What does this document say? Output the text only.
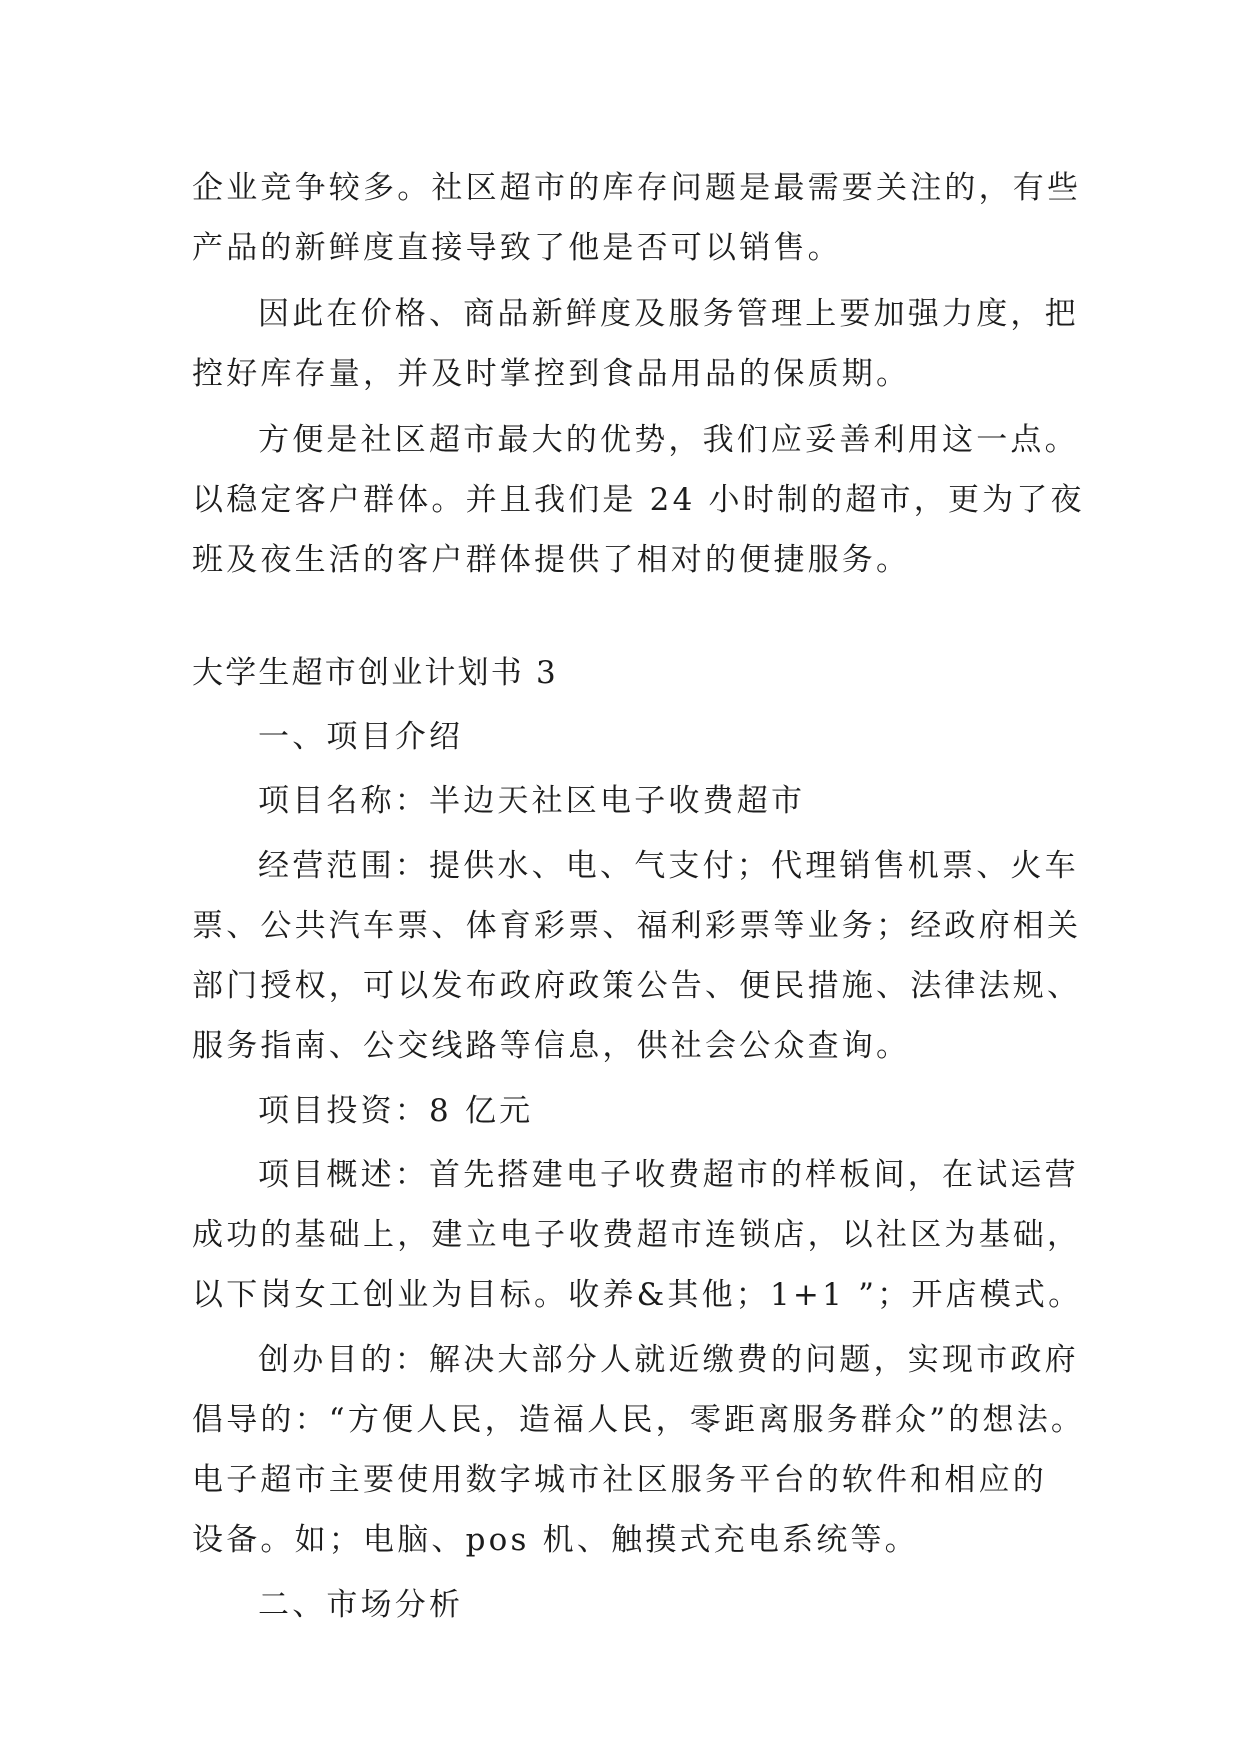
企业竞争较多。社区超市的库存问题是最需要关注的，有些
产品的新鲜度直接导致了他是否可以销售。
因此在价格、商品新鲜度及服务管理上要加强力度，把
控好库存量，并及时掌控到食品用品的保质期。
方便是社区超市最大的优势，我们应妥善利用这一点。
以稳定客户群体。并且我们是 24 小时制的超市，更为了夜
班及夜生活的客户群体提供了相对的便捷服务。
大学生超市创业计划书 3
一、项目介绍
项目名称：半边天社区电子收费超市
经营范围：提供水、电、气支付；代理销售机票、火车
票、公共汽车票、体育彩票、福利彩票等业务；经政府相关
部门授权，可以发布政府政策公告、便民措施、法律法规、
服务指南、公交线路等信息，供社会公众查询。
项目投资：8 亿元
项目概述：首先搭建电子收费超市的样板间，在试运营
成功的基础上，建立电子收费超市连锁店，以社区为基础，
以下岗女工创业为目标。收养&其他；1+1 ”；开店模式。
创办目的：解决大部分人就近缴费的问题，实现市政府
倡导的：“方便人民，造福人民，零距离服务群众”的想法。
电子超市主要使用数字城市社区服务平台的软件和相应的
设备。如；电脑、pos 机、触摸式充电系统等。
二、市场分析
